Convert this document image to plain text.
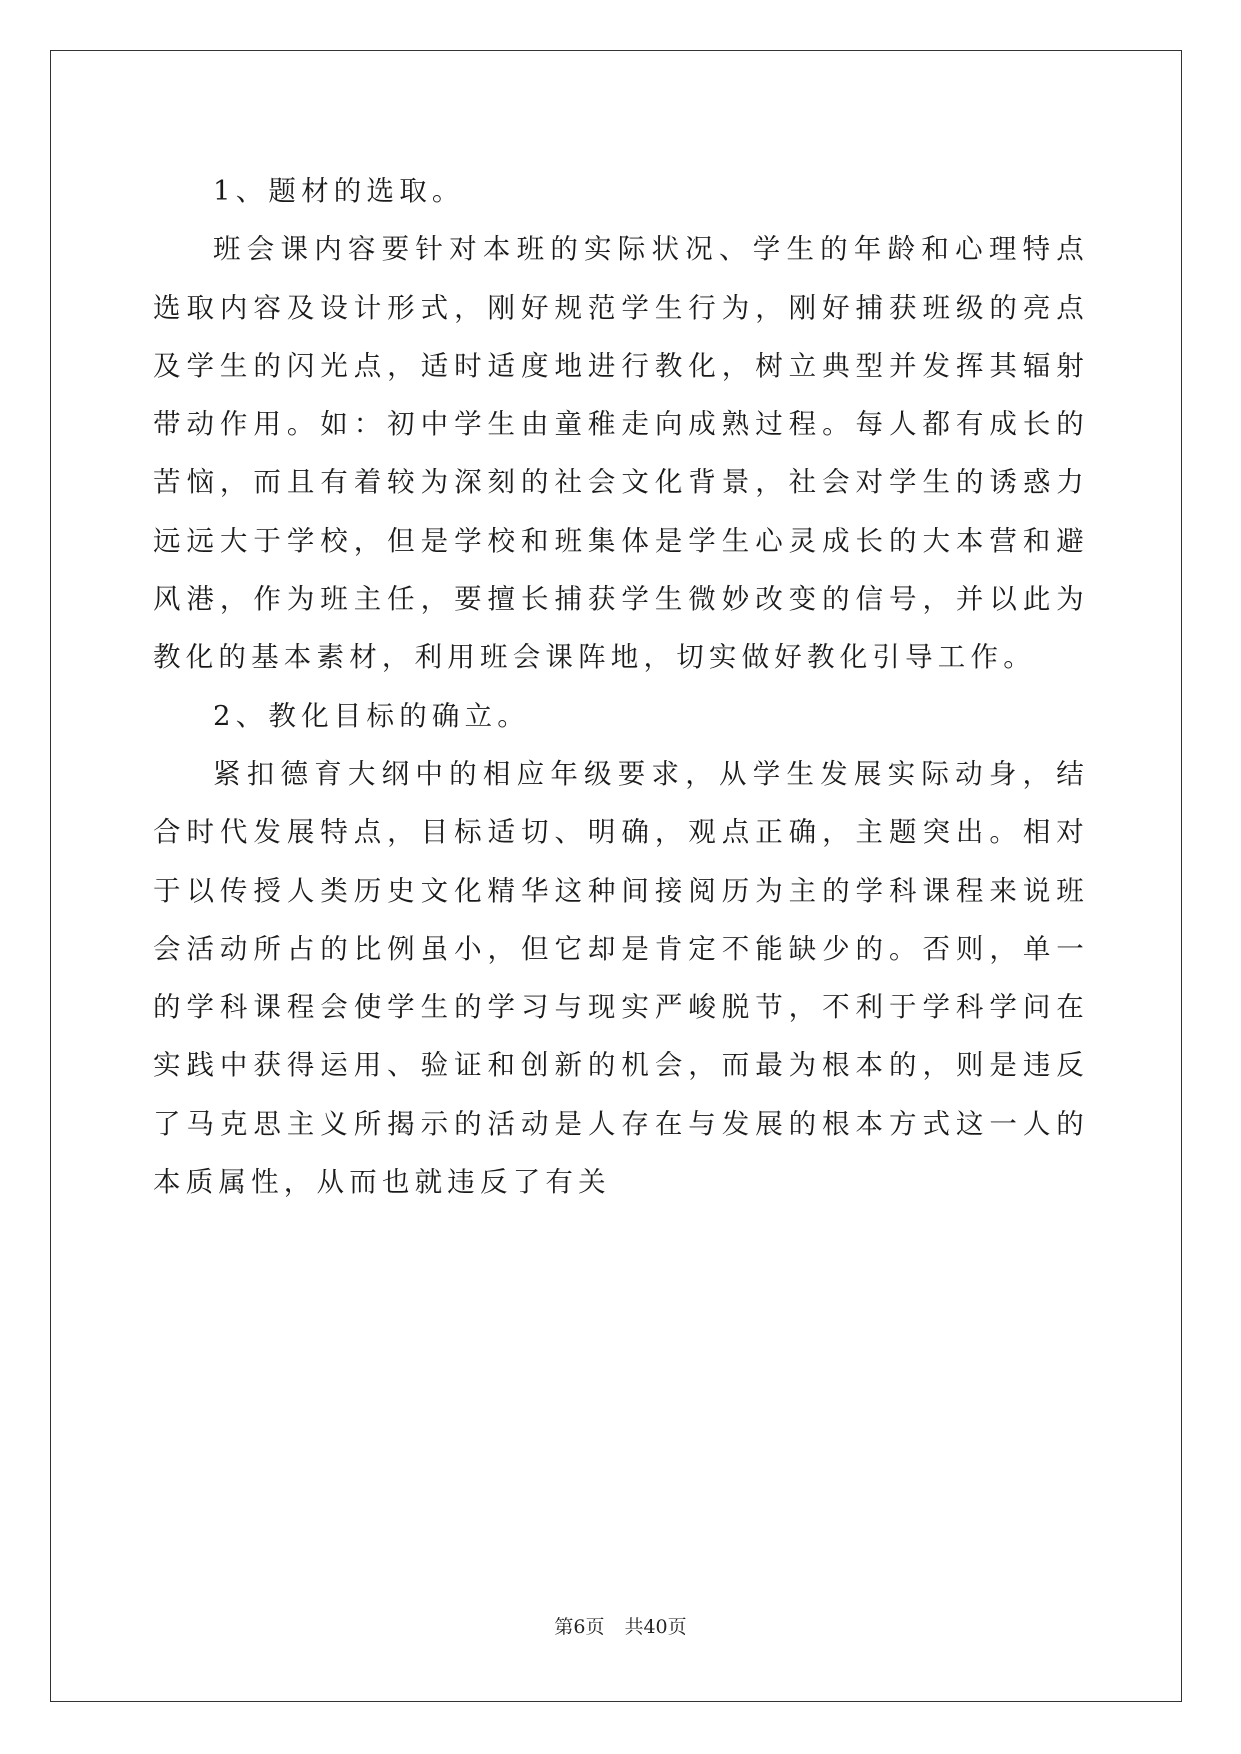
1、题材的选取。

班会课内容要针对本班的实际状况、学生的年龄和心理特点选取内容及设计形式，刚好规范学生行为，刚好捕获班级的亮点及学生的闪光点，适时适度地进行教化，树立典型并发挥其辐射带动作用。如：初中学生由童稚走向成熟过程。每人都有成长的苦恼，而且有着较为深刻的社会文化背景，社会对学生的诱惑力远远大于学校，但是学校和班集体是学生心灵成长的大本营和避风港，作为班主任，要擅长捕获学生微妙改变的信号，并以此为教化的基本素材，利用班会课阵地，切实做好教化引导工作。

2、教化目标的确立。

紧扣德育大纲中的相应年级要求，从学生发展实际动身，结合时代发展特点，目标适切、明确，观点正确，主题突出。相对于以传授人类历史文化精华这种间接阅历为主的学科课程来说班会活动所占的比例虽小，但它却是肯定不能缺少的。否则，单一的学科课程会使学生的学习与现实严峻脱节，不利于学科学问在实践中获得运用、验证和创新的机会，而最为根本的，则是违反了马克思主义所揭示的活动是人存在与发展的根本方式这一人的本质属性，从而也就违反了有关

第6页 共40页
